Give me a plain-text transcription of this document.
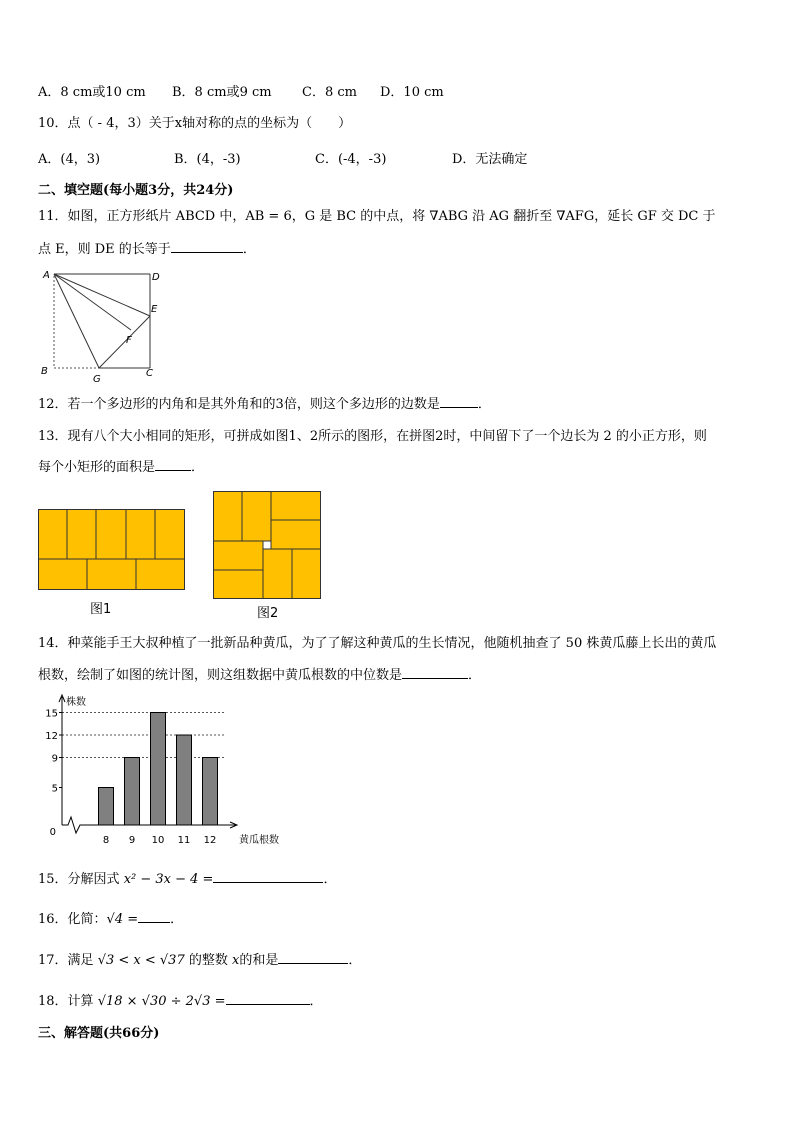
A．8 cm或10 cm B．8 cm或9 cm C．8 cm D．10 cm
10．点（ - 4，3）关于x轴对称的点的坐标为（　　）
A．(4，3)	B．(4，-3)	C．(-4，-3)	D．无法确定
二、填空题(每小题3分，共24分)
11．如图，正方形纸片 ABCD 中，AB = 6，G 是 BC 的中点，将 ∇ABG 沿 AG 翻折至 ∇AFG，延长 GF 交 DC 于
点 E，则 DE 的长等于	．
A	D
E
F
B
G
C
12．若一个多边形的内角和是其外角和的3倍，则这个多边形的边数是	．
13．现有八个大小相同的矩形，可拼成如图1、2所示的图形，在拼图2时，中间留下了一个边长为 2 的小正方形，则
每个小矩形的面积是	．
图1	图2
14．种菜能手王大叔种植了一批新品种黄瓜，为了了解这种黄瓜的生长情况，他随机抽查了 50 株黄瓜藤上长出的黄瓜
根数，绘制了如图的统计图，则这组数据中黄瓜根数的中位数是	．
5
9
12
15
8 9 10 11 12
株数
黄瓜根数
0
15．分解因式 x² − 3x − 4 =	．
16．化简：√4 = ．
17．满足 √3 < x < √37 的整数 x的和是	．
18．计算 √18 × √30 ÷ 2√3 =	．
三、解答题(共66分)
